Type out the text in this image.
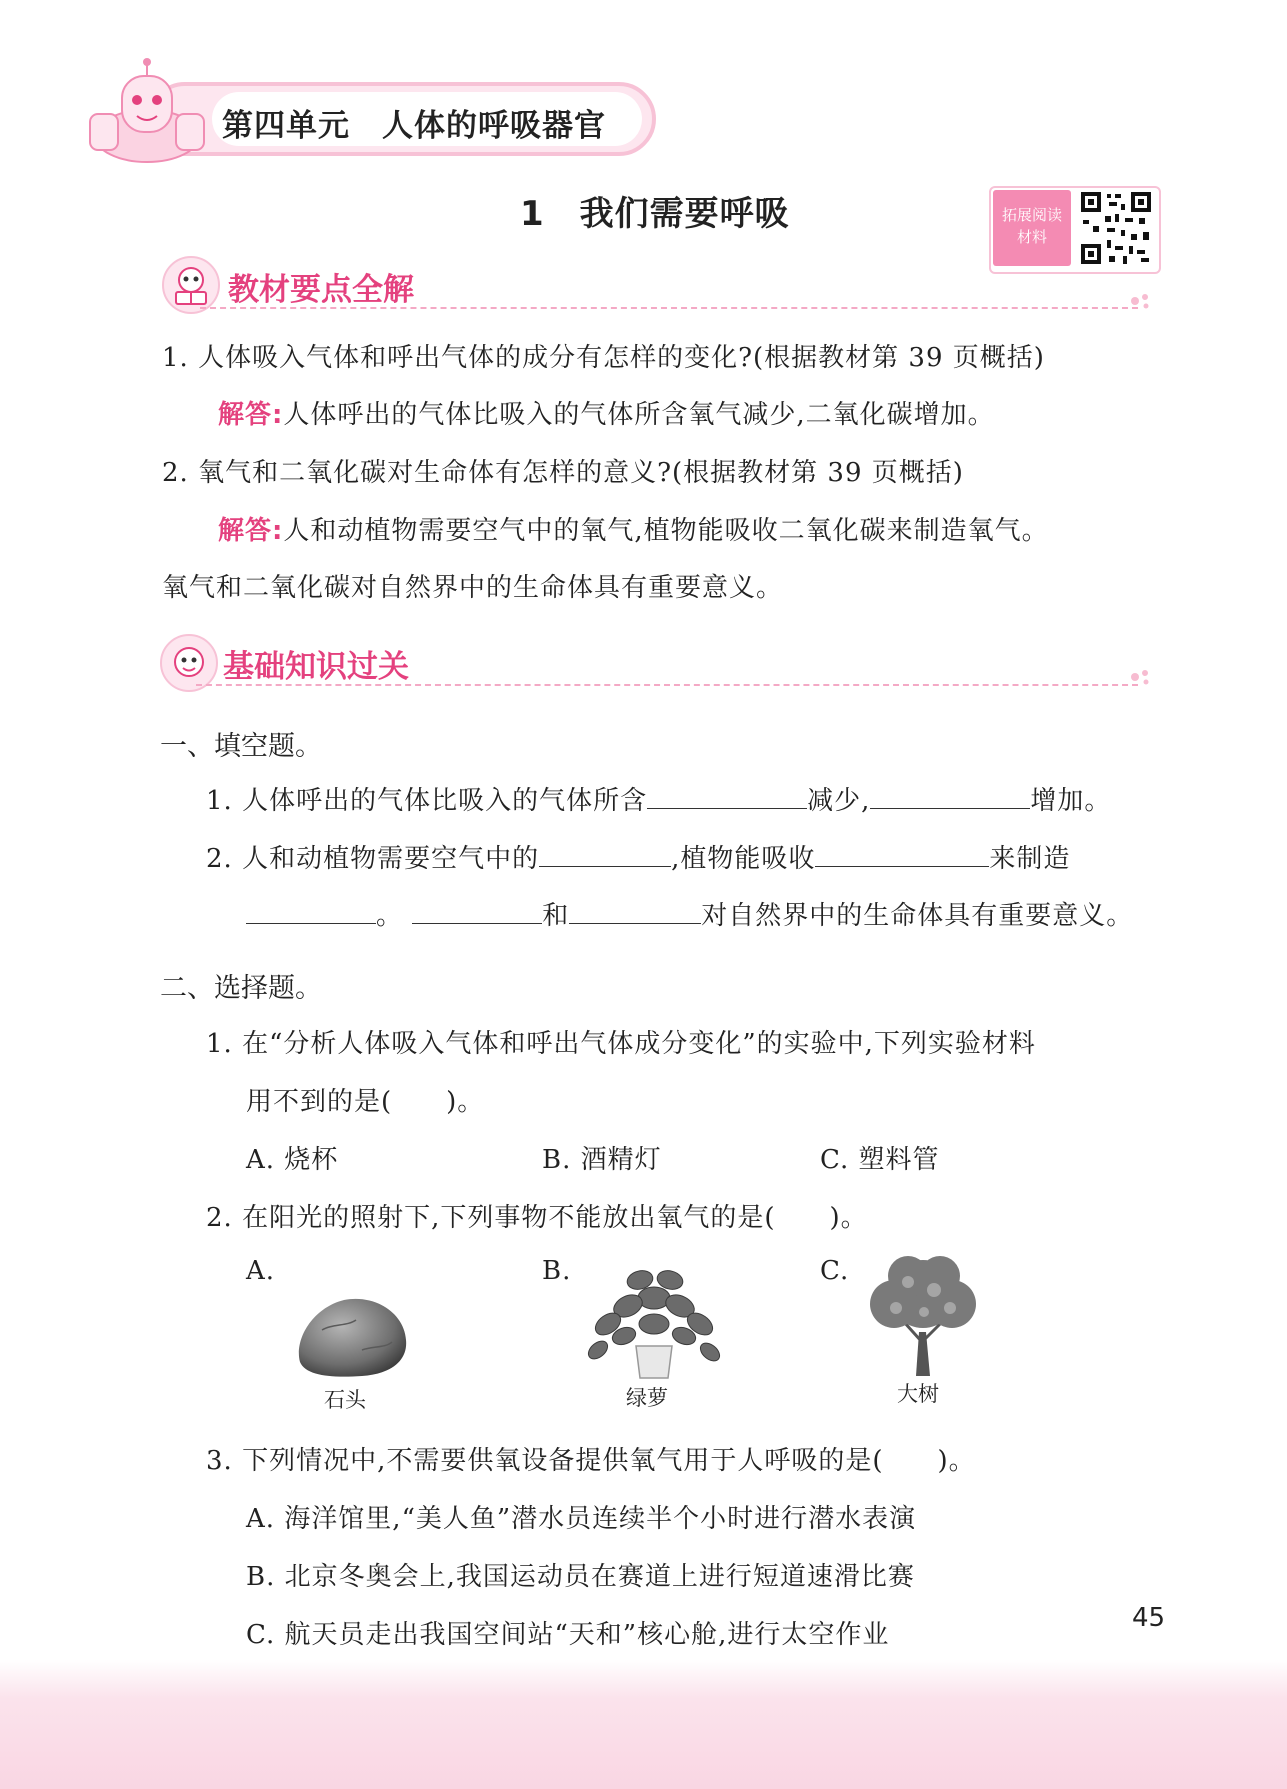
第四单元　人体的呼吸器官
1　我们需要呼吸	拓展阅读
材料
教材要点全解
1. 人体吸入气体和呼出气体的成分有怎样的变化?(根据教材第 39 页概括)
解答:人体呼出的气体比吸入的气体所含氧气减少,二氧化碳增加。
2. 氧气和二氧化碳对生命体有怎样的意义?(根据教材第 39 页概括)
解答:人和动植物需要空气中的氧气,植物能吸收二氧化碳来制造氧气。
氧气和二氧化碳对自然界中的生命体具有重要意义。
基础知识过关
一、填空题。
1. 人体呼出的气体比吸入的气体所含	减少,	增加。
2. 人和动植物需要空气中的	,植物能吸收	来制造
。	和	对自然界中的生命体具有重要意义。
二、选择题。
1. 在“分析人体吸入气体和呼出气体成分变化”的实验中,下列实验材料
用不到的是(　　)。
A. 烧杯	B. 酒精灯	C. 塑料管
2. 在阳光的照射下,下列事物不能放出氧气的是(　　)。
A.	B.	C.
石头	绿萝	大树
3. 下列情况中,不需要供氧设备提供氧气用于人呼吸的是(　　)。
A. 海洋馆里,“美人鱼”潜水员连续半个小时进行潜水表演
B. 北京冬奥会上,我国运动员在赛道上进行短道速滑比赛
C. 航天员走出我国空间站“天和”核心舱,进行太空作业
45
